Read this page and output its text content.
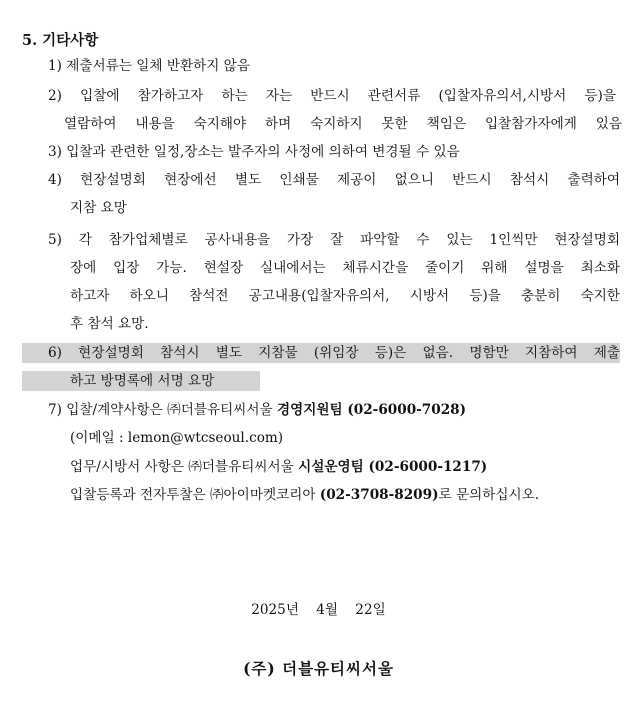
5. 기타사항
1) 제출서류는 일체 반환하지 않음
2) 입찰에 참가하고자 하는 자는 반드시 관련서류 (입찰자유의서,시방서 등)을
열람하여 내용을 숙지해야 하며 숙지하지 못한 책임은 입찰참가자에게 있음
3) 입찰과 관련한 일정,장소는 발주자의 사정에 의하여 변경될 수 있음
4) 현장설명회 현장에선 별도 인쇄물 제공이 없으니 반드시 참석시 출력하여
지참 요망
5) 각 참가업체별로 공사내용을 가장 잘 파악할 수 있는 1인씩만 현장설명회
장에 입장 가능. 현설장 실내에서는 체류시간을 줄이기 위해 설명을 최소화
하고자 하오니 참석전 공고내용(입찰자유의서, 시방서 등)을 충분히 숙지한
후 참석 요망.
6) 현장설명회 참석시 별도 지참물 (위임장 등)은 없음. 명함만 지참하여 제출
하고 방명록에 서명 요망
7) 입찰/계약사항은 ㈜더블유티씨서울 경영지원팀 (02-6000-7028)
(이메일 : lemon@wtcseoul.com)
업무/시방서 사항은 ㈜더블유티씨서울 시설운영팀 (02-6000-1217)
입찰등록과 전자투찰은 ㈜아이마켓코리아 (02-3708-8209)로 문의하십시오.
2025년    4월    22일
(주) 더블유티씨서울
